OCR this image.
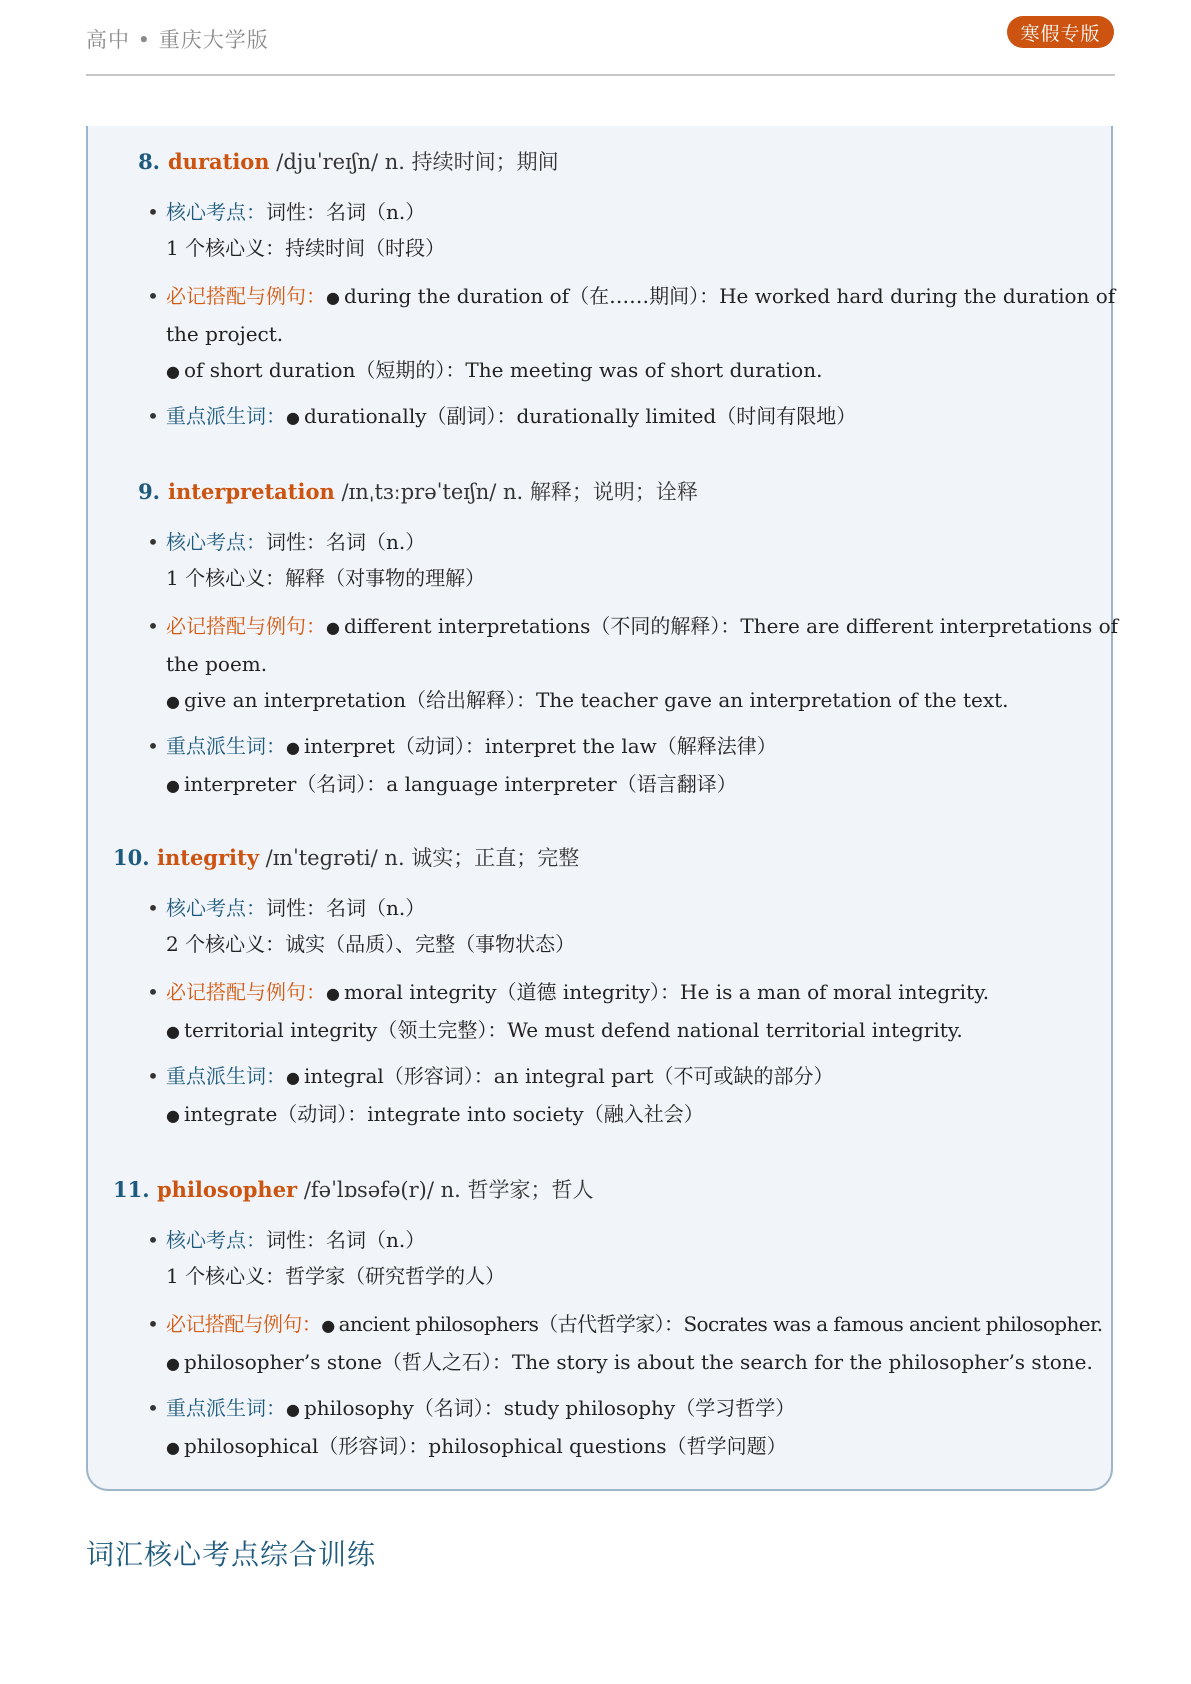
高中 • 重庆大学版	寒假专版
8. duration /djuˈreɪʃn/ n. 持续时间；期间
• 核心考点：词性：名词（n.）
1 个核心义：持续时间（时段）
• 必记搭配与例句：● during the duration of（在……期间）：He worked hard during the duration of
the project.
● of short duration（短期的）：The meeting was of short duration.
• 重点派生词：● durationally（副词）：durationally limited（时间有限地）
9. interpretation /ɪnˌtɜːprəˈteɪʃn/ n. 解释；说明；诠释
• 核心考点：词性：名词（n.）
1 个核心义：解释（对事物的理解）
• 必记搭配与例句：● different interpretations（不同的解释）：There are different interpretations of
the poem.
● give an interpretation（给出解释）：The teacher gave an interpretation of the text.
• 重点派生词：● interpret（动词）：interpret the law（解释法律）
● interpreter（名词）：a language interpreter（语言翻译）
10. integrity /ɪnˈteɡrəti/ n. 诚实；正直；完整
• 核心考点：词性：名词（n.）
2 个核心义：诚实（品质）、完整（事物状态）
• 必记搭配与例句：● moral integrity（道德 integrity）：He is a man of moral integrity.
● territorial integrity（领土完整）：We must defend national territorial integrity.
• 重点派生词：● integral（形容词）：an integral part（不可或缺的部分）
● integrate（动词）：integrate into society（融入社会）
11. philosopher /fəˈlɒsəfə(r)/ n. 哲学家；哲人
• 核心考点：词性：名词（n.）
1 个核心义：哲学家（研究哲学的人）
• 必记搭配与例句：● ancient philosophers（古代哲学家）：Socrates was a famous ancient philosopher.
● philosopher’s stone（哲人之石）：The story is about the search for the philosopher’s stone.
• 重点派生词：● philosophy（名词）：study philosophy（学习哲学）
● philosophical（形容词）：philosophical questions（哲学问题）
词汇核心考点综合训练
